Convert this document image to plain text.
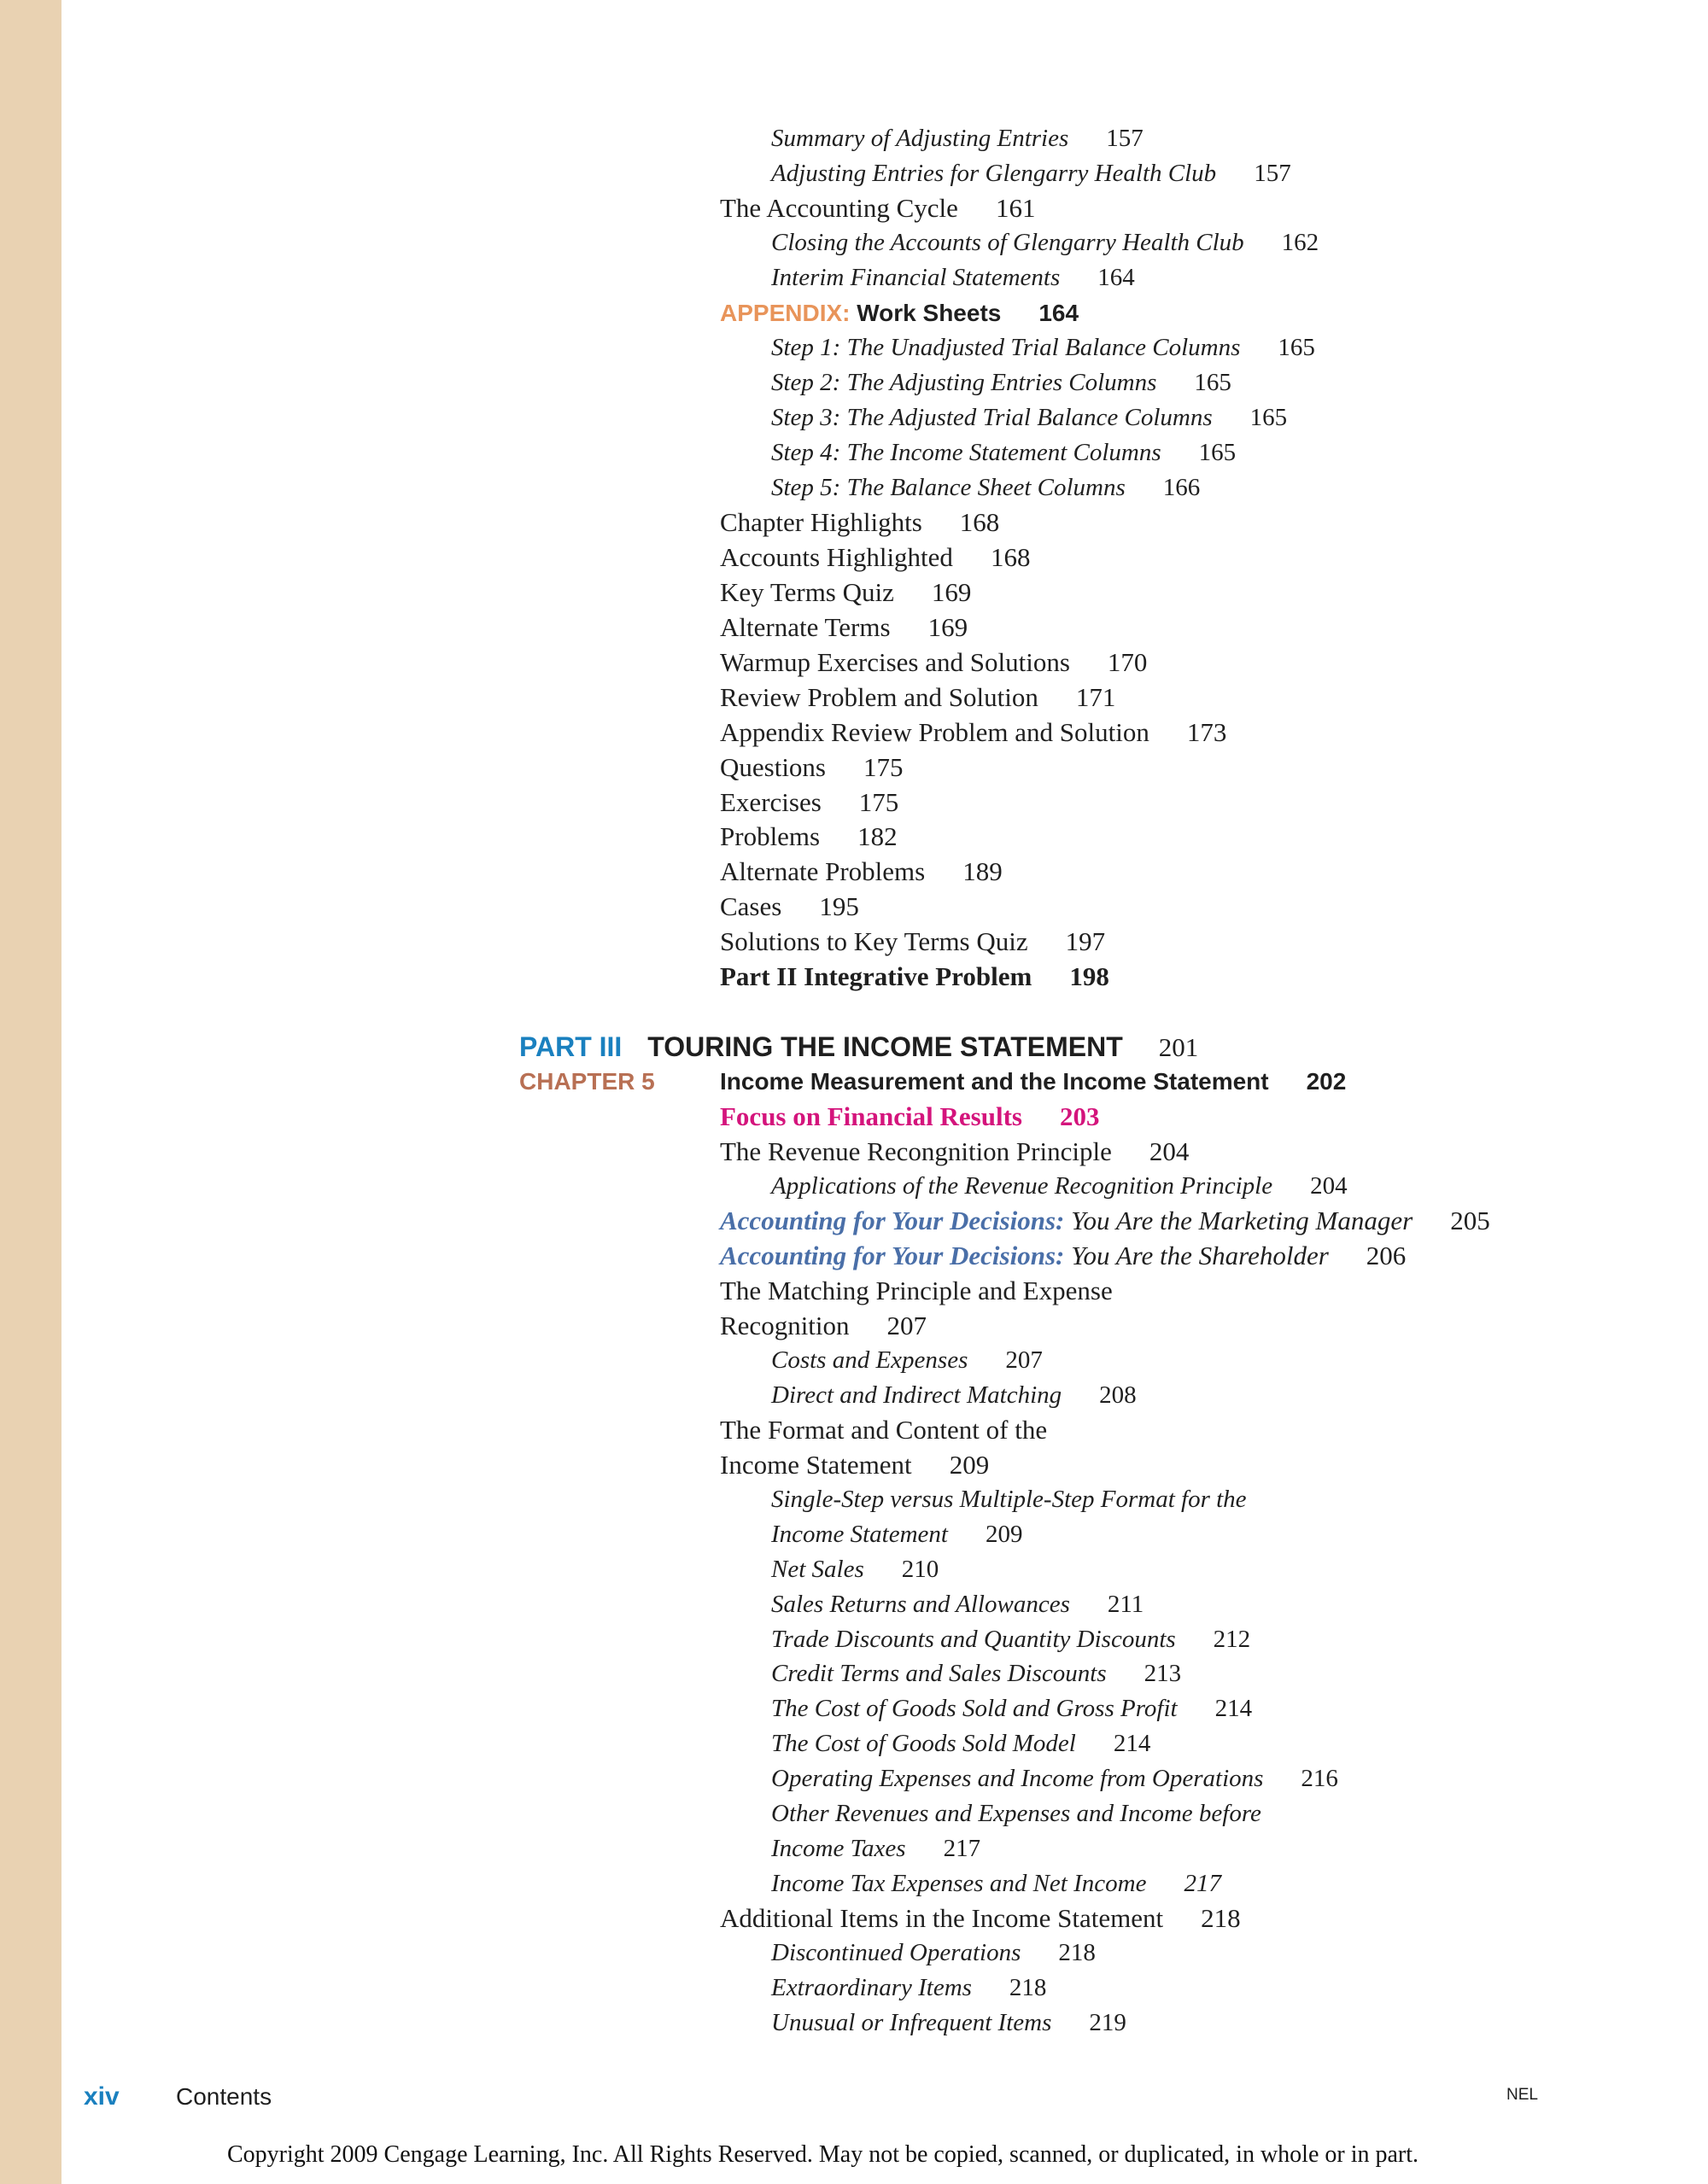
Summary of Adjusting Entries 157
Adjusting Entries for Glengarry Health Club 157
The Accounting Cycle 161
Closing the Accounts of Glengarry Health Club 162
Interim Financial Statements 164
APPENDIX: Work Sheets 164
Step 1: The Unadjusted Trial Balance Columns 165
Step 2: The Adjusting Entries Columns 165
Step 3: The Adjusted Trial Balance Columns 165
Step 4: The Income Statement Columns 165
Step 5: The Balance Sheet Columns 166
Chapter Highlights 168
Accounts Highlighted 168
Key Terms Quiz 169
Alternate Terms 169
Warmup Exercises and Solutions 170
Review Problem and Solution 171
Appendix Review Problem and Solution 173
Questions 175
Exercises 175
Problems 182
Alternate Problems 189
Cases 195
Solutions to Key Terms Quiz 197
Part II Integrative Problem 198
PART III TOURING THE INCOME STATEMENT 201
CHAPTER 5	Income Measurement and the Income Statement 202
Focus on Financial Results 203
The Revenue Recongnition Principle 204
Applications of the Revenue Recognition Principle 204
Accounting for Your Decisions: You Are the Marketing Manager 205
Accounting for Your Decisions: You Are the Shareholder 206
The Matching Principle and Expense
Recognition 207
Costs and Expenses 207
Direct and Indirect Matching 208
The Format and Content of the
Income Statement 209
Single-Step versus Multiple-Step Format for the
Income Statement 209
Net Sales 210
Sales Returns and Allowances 211
Trade Discounts and Quantity Discounts 212
Credit Terms and Sales Discounts 213
The Cost of Goods Sold and Gross Profit 214
The Cost of Goods Sold Model 214
Operating Expenses and Income from Operations 216
Other Revenues and Expenses and Income before
Income Taxes 217
Income Tax Expenses and Net Income 217
Additional Items in the Income Statement 218
Discontinued Operations 218
Extraordinary Items 218
Unusual or Infrequent Items 219
xiv Contents	NEL
Copyright 2009 Cengage Learning, Inc. All Rights Reserved. May not be copied, scanned, or duplicated, in whole or in part.
